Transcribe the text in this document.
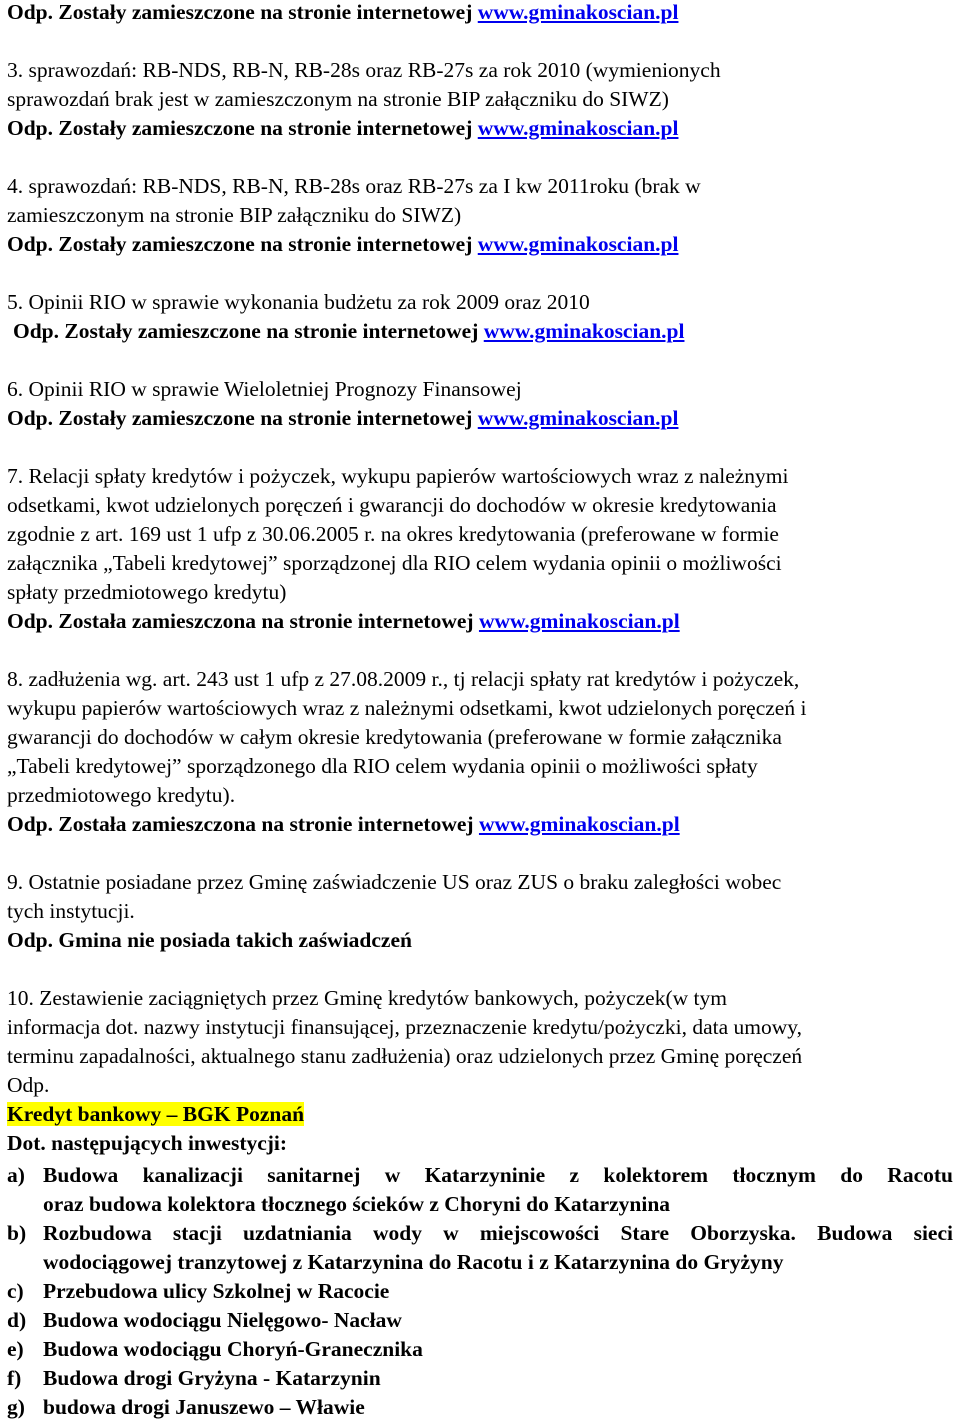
Odp. Zostały zamieszczone na stronie internetowej www.gminakoscian.pl
3. sprawozdań: RB-NDS, RB-N, RB-28s oraz RB-27s za rok 2010 (wymienionych
sprawozdań brak jest w zamieszczonym na stronie BIP załączniku do SIWZ)
Odp. Zostały zamieszczone na stronie internetowej www.gminakoscian.pl
4. sprawozdań: RB-NDS, RB-N, RB-28s oraz RB-27s za I kw 2011roku (brak w
zamieszczonym na stronie BIP załączniku do SIWZ)
Odp. Zostały zamieszczone na stronie internetowej www.gminakoscian.pl
5. Opinii RIO w sprawie wykonania budżetu za rok 2009 oraz 2010
Odp. Zostały zamieszczone na stronie internetowej www.gminakoscian.pl
6. Opinii RIO w sprawie Wieloletniej Prognozy Finansowej
Odp. Zostały zamieszczone na stronie internetowej www.gminakoscian.pl
7. Relacji spłaty kredytów i pożyczek, wykupu papierów wartościowych wraz z należnymi
odsetkami, kwot udzielonych poręczeń i gwarancji do dochodów w okresie kredytowania
zgodnie z art. 169 ust 1 ufp z 30.06.2005 r. na okres kredytowania (preferowane w formie
załącznika „Tabeli kredytowej” sporządzonej dla RIO celem wydania opinii o możliwości
spłaty przedmiotowego kredytu)
Odp. Została zamieszczona na stronie internetowej www.gminakoscian.pl
8. zadłużenia wg. art. 243 ust 1 ufp z 27.08.2009 r., tj relacji spłaty rat kredytów i pożyczek,
wykupu papierów wartościowych wraz z należnymi odsetkami, kwot udzielonych poręczeń i
gwarancji do dochodów w całym okresie kredytowania (preferowane w formie załącznika
„Tabeli kredytowej” sporządzonego dla RIO celem wydania opinii o możliwości spłaty
przedmiotowego kredytu).
Odp. Została zamieszczona na stronie internetowej www.gminakoscian.pl
9. Ostatnie posiadane przez Gminę zaświadczenie US oraz ZUS o braku zaległości wobec
tych instytucji.
Odp. Gmina nie posiada takich zaświadczeń
10. Zestawienie zaciągniętych przez Gminę kredytów bankowych, pożyczek(w tym
informacja dot. nazwy instytucji finansującej, przeznaczenie kredytu/pożyczki, data umowy,
terminu zapadalności, aktualnego stanu zadłużenia) oraz udzielonych przez Gminę poręczeń
Odp.
Kredyt bankowy – BGK Poznań
Dot. następujących inwestycji:
a) Budowa kanalizacji sanitarnej w Katarzyninie z kolektorem tłocznym do Racotu
oraz budowa kolektora tłocznego ścieków z Choryni do Katarzynina
b) Rozbudowa stacji uzdatniania wody w miejscowości Stare Oborzyska. Budowa sieci
wodociągowej tranzytowej z Katarzynina do Racotu i z Katarzynina do Gryżyny
c) Przebudowa ulicy Szkolnej w Racocie
d) Budowa wodociągu Nielęgowo- Nacław
e) Budowa wodociągu Choryń-Granecznika
f) Budowa drogi Gryżyna - Katarzynin
g) budowa drogi Januszewo – Wławie
